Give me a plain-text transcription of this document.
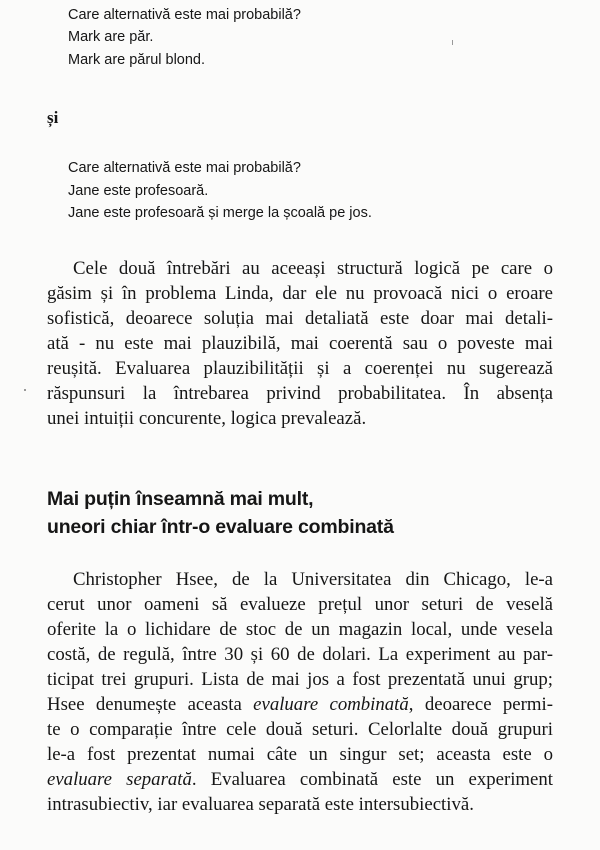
Care alternativă este mai probabilă?
Mark are păr.
Mark are părul blond.
și
Care alternativă este mai probabilă?
Jane este profesoară.
Jane este profesoară și merge la școală pe jos.
Cele două întrebări au aceeași structură logică pe care o
găsim și în problema Linda, dar ele nu provoacă nici o eroare
sofistică, deoarece soluția mai detaliată este doar mai detali-
ată - nu este mai plauzibilă, mai coerentă sau o poveste mai
reușită. Evaluarea plauzibilității și a coerenței nu sugerează
răspunsuri la întrebarea privind probabilitatea. În absența
unei intuiții concurente, logica prevalează.
Mai puțin înseamnă mai mult,
uneori chiar într-o evaluare combinată
Christopher Hsee, de la Universitatea din Chicago, le-a
cerut unor oameni să evalueze prețul unor seturi de veselă
oferite la o lichidare de stoc de un magazin local, unde vesela
costă, de regulă, între 30 și 60 de dolari. La experiment au par-
ticipat trei grupuri. Lista de mai jos a fost prezentată unui grup;
Hsee denumește aceasta evaluare combinată, deoarece permi-
te o comparație între cele două seturi. Celorlalte două grupuri
le-a fost prezentat numai câte un singur set; aceasta este o
evaluare separată. Evaluarea combinată este un experiment
intrasubiectiv, iar evaluarea separată este intersubiectivă.
